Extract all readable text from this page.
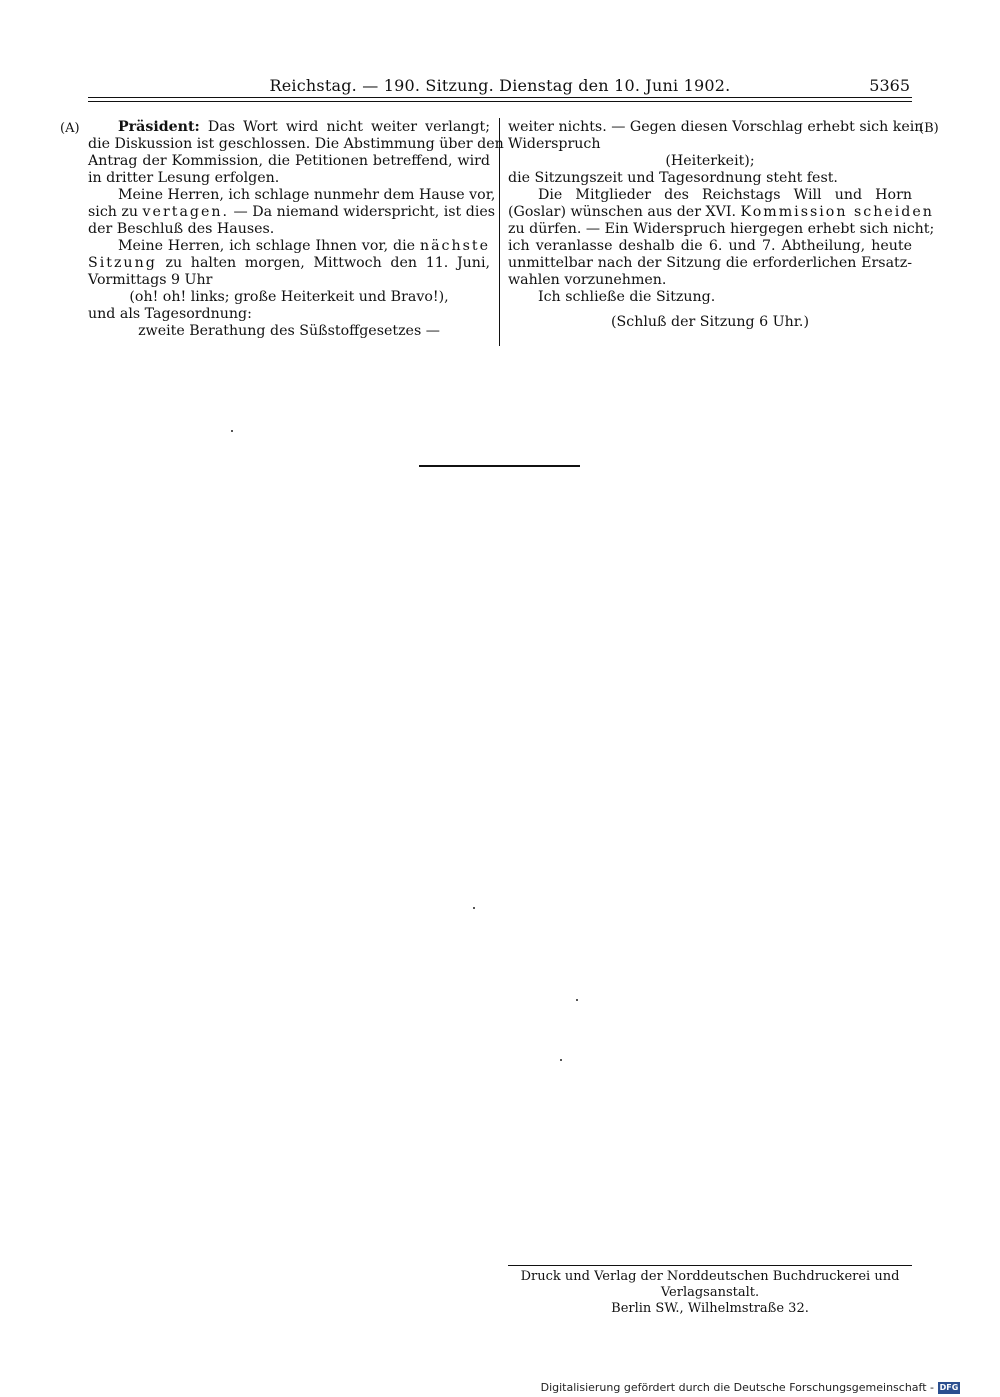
Reichstag. — 190. Sitzung. Dienstag den 10. Juni 1902.	5365
(A)	(B)
Präsident: Das Wort wird nicht weiter verlangt;
die Diskussion ist geschlossen. Die Abstimmung über den
Antrag der Kommission, die Petitionen betreffend, wird
in dritter Lesung erfolgen.
Meine Herren, ich schlage nunmehr dem Hause vor,
sich zu vertagen. — Da niemand widerspricht, ist dies
der Beschluß des Hauses.
Meine Herren, ich schlage Ihnen vor, die nächste
Sitzung zu halten morgen, Mittwoch den 11. Juni,
Vormittags 9 Uhr
(oh! oh! links; große Heiterkeit und Bravo!),
und als Tagesordnung:
zweite Berathung des Süßstoffgesetzes —
weiter nichts. — Gegen diesen Vorschlag erhebt sich kein
Widerspruch
(Heiterkeit);
die Sitzungszeit und Tagesordnung steht fest.
Die Mitglieder des Reichstags Will und Horn
(Goslar) wünschen aus der XVI. Kommission scheiden
zu dürfen. — Ein Widerspruch hiergegen erhebt sich nicht;
ich veranlasse deshalb die 6. und 7. Abtheilung, heute
unmittelbar nach der Sitzung die erforderlichen Ersatz-
wahlen vorzunehmen.
Ich schließe die Sitzung.
(Schluß der Sitzung 6 Uhr.)
Druck und Verlag der Norddeutschen Buchdruckerei und Verlagsanstalt.
Berlin SW., Wilhelmstraße 32.
Digitalisierung gefördert durch die Deutsche Forschungsgemeinschaft - DFG
